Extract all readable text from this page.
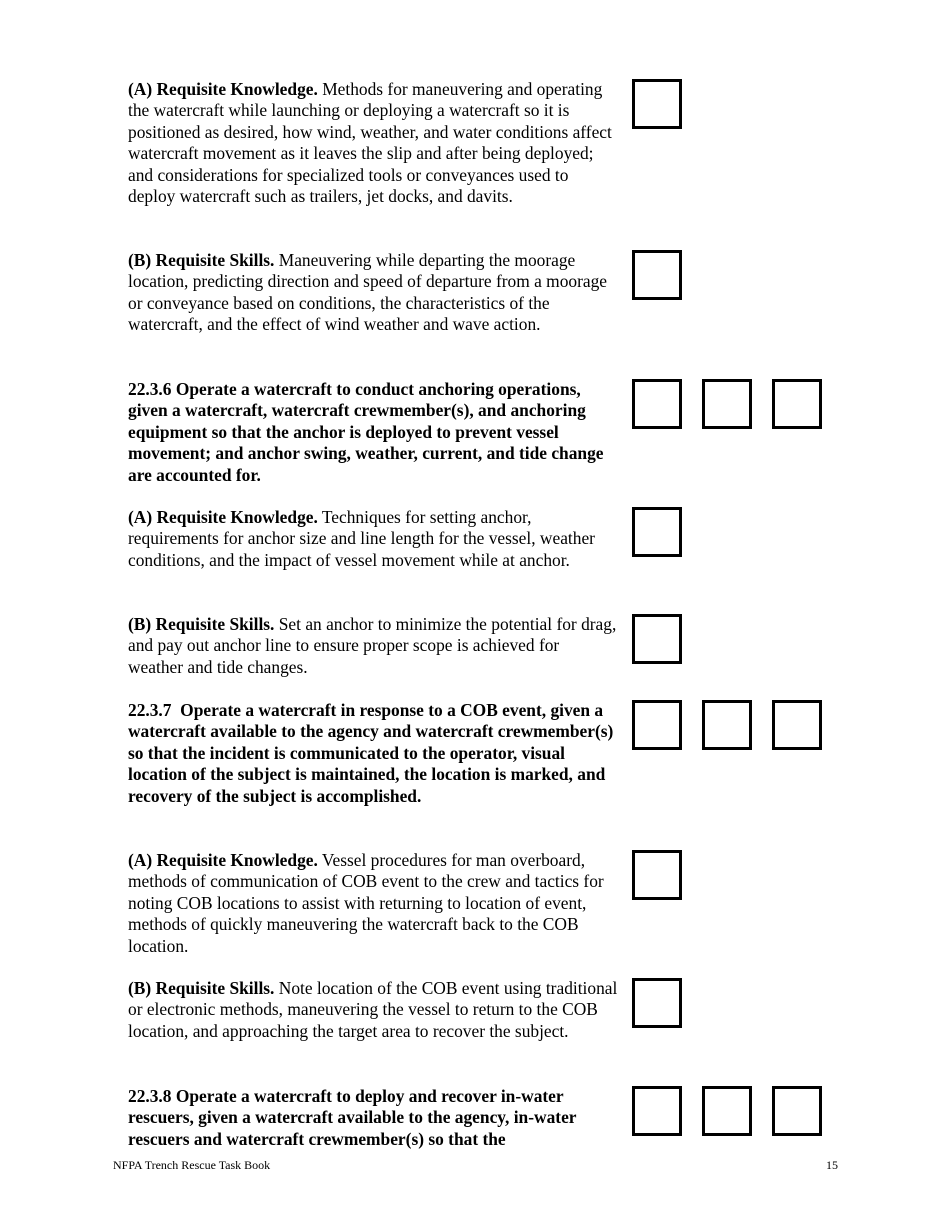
(A) Requisite Knowledge. Methods for maneuvering and operating the watercraft while launching or deploying a watercraft so it is positioned as desired, how wind, weather, and water conditions affect watercraft movement as it leaves the slip and after being deployed; and considerations for specialized tools or conveyances used to deploy watercraft such as trailers, jet docks, and davits.
(B) Requisite Skills. Maneuvering while departing the moorage location, predicting direction and speed of departure from a moorage or conveyance based on conditions, the characteristics of the watercraft, and the effect of wind weather and wave action.
22.3.6 Operate a watercraft to conduct anchoring operations, given a watercraft, watercraft crewmember(s), and anchoring equipment so that the anchor is deployed to prevent vessel movement; and anchor swing, weather, current, and tide change are accounted for.
(A) Requisite Knowledge. Techniques for setting anchor, requirements for anchor size and line length for the vessel, weather conditions, and the impact of vessel movement while at anchor.
(B) Requisite Skills. Set an anchor to minimize the potential for drag, and pay out anchor line to ensure proper scope is achieved for weather and tide changes.
22.3.7  Operate a watercraft in response to a COB event, given a watercraft available to the agency and watercraft crewmember(s) so that the incident is communicated to the operator, visual location of the subject is maintained, the location is marked, and recovery of the subject is accomplished.
(A) Requisite Knowledge. Vessel procedures for man overboard, methods of communication of COB event to the crew and tactics for noting COB locations to assist with returning to location of event, methods of quickly maneuvering the watercraft back to the COB location.
(B) Requisite Skills. Note location of the COB event using traditional or electronic methods, maneuvering the vessel to return to the COB location, and approaching the target area to recover the subject.
22.3.8 Operate a watercraft to deploy and recover in-water rescuers, given a watercraft available to the agency, in-water rescuers and watercraft crewmember(s) so that the
NFPA Trench Rescue Task Book	15
